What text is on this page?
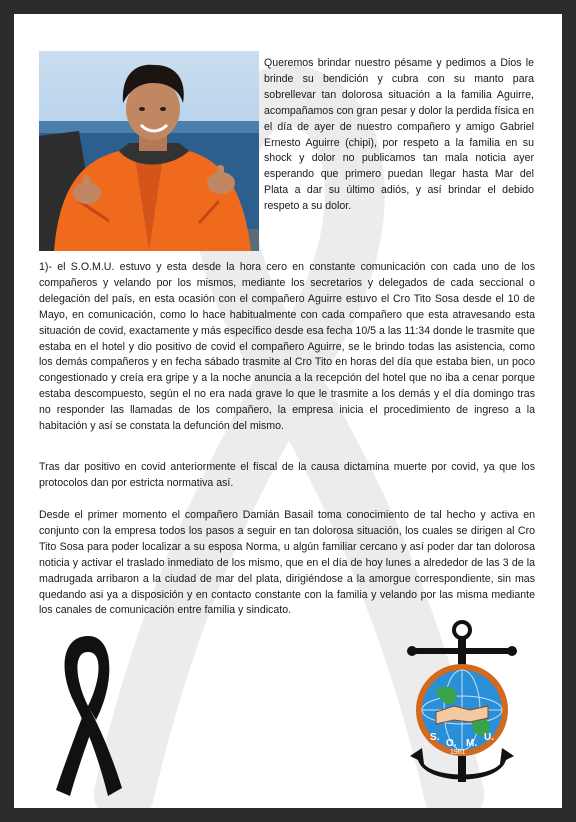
Queremos brindar nuestro pésame y pedimos a Dios le brinde su bendición y cubra con su manto para sobrellevar tan dolorosa situación a la familia Aguirre, acompañamos con gran pesar y dolor la perdida física en el día de ayer de nuestro compañero y amigo Gabriel Ernesto Aguirre (chipi), por respeto a la familia en su shock y dolor no publicamos tan mala noticia ayer esperando que primero puedan llegar hasta Mar del Plata a dar su último adiós, y así brindar el debido respeto a su dolor.

1)- el S.O.M.U. estuvo y esta desde la hora cero en constante comunicación con cada uno de los compañeros y velando por los mismos, mediante los secretarios y delegados de cada seccional o delegación del país, en esta ocasión con el compañero Aguirre estuvo el Cro Tito Sosa desde el 10 de Mayo, en comunicación, como lo hace habitualmente con cada compañero que esta atravesando esta situación de covid, exactamente y más específico desde esa fecha 10/5 a las 11:34 donde le trasmite que estaba en el hotel y dio positivo de covid el compañero Aguirre, se le brindo todas las asistencia, como los demás compañeros y en fecha sábado trasmite al Cro Tito en horas del día que estaba bien, un poco congestionado y creía era gripe y a la noche anuncia a la recepción del hotel que no iba a cenar porque estaba descompuesto, según el no era nada grave lo que le trasmite a los demás y el día domingo tras no responder las llamadas de los compañero, la empresa inicia el procedimiento de ingreso a la habitación y así se constata la defunción del mismo.

Tras dar positivo en covid anteriormente el fiscal de la causa dictamina muerte por covid, ya que los protocolos dan por estricta normativa así.

Desde el primer momento el compañero Damián Basail toma conocimiento de tal hecho y activa en conjunto con la empresa todos los pasos a seguir en tan dolorosa situación, los cuales se dirigen al Cro Tito Sosa para poder localizar a su esposa Norma, u algún familiar cercano y así poder dar tan dolorosa noticia y activar el traslado inmediato de los mismo, que en el día de hoy lunes a alrededor de las 3 de la madrugada arribaron a la ciudad de mar del plata, dirigiéndose a la amorgue correspondiente, sin mas quedando asi ya a disposición y en contacto constante con la familia y velando por las misma mediante los canales de comunicación entre familia y sindicato.

S.
O. M.
U.
1961
